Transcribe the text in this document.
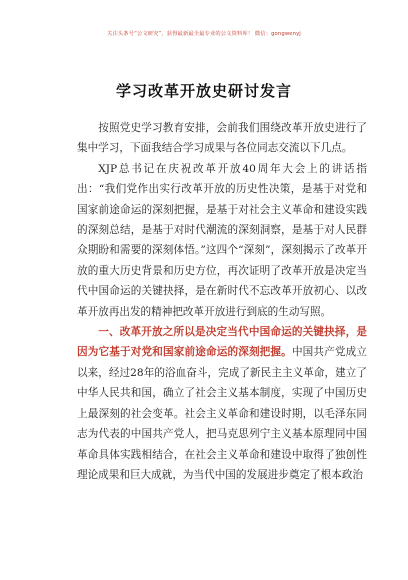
关注头条号“公文研究”，获得最新最全最专业的公文资料库！ 微信：gongwenyj
学习改革开放史研讨发言

按照党史学习教育安排，会前我们围绕改革开放史进行了集中学习，下面我结合学习成果与各位同志交流以下几点。

XJP总书记在庆祝改革开放40周年大会上的讲话指出：“我们党作出实行改革开放的历史性决策，是基于对党和国家前途命运的深刻把握，是基于对社会主义革命和建设实践的深刻总结，是基于对时代潮流的深刻洞察，是基于对人民群众期盼和需要的深刻体悟。”这四个“深刻”，深刻揭示了改革开放的重大历史背景和历史方位，再次证明了改革开放是决定当代中国命运的关键抉择，是在新时代不忘改革开放初心、以改革开放再出发的精神把改革开放进行到底的生动写照。

一、改革开放之所以是决定当代中国命运的关键抉择，是因为它基于对党和国家前途命运的深刻把握。中国共产党成立以来，经过28年的浴血奋斗，完成了新民主主义革命，建立了中华人民共和国，确立了社会主义基本制度，实现了中国历史上最深刻的社会变革。社会主义革命和建设时期，以毛泽东同志为代表的中国共产党人，把马克思列宁主义基本原理同中国革命具体实践相结合，在社会主义革命和建设中取得了独创性理论成果和巨大成就，为当代中国的发展进步奠定了根本政治
